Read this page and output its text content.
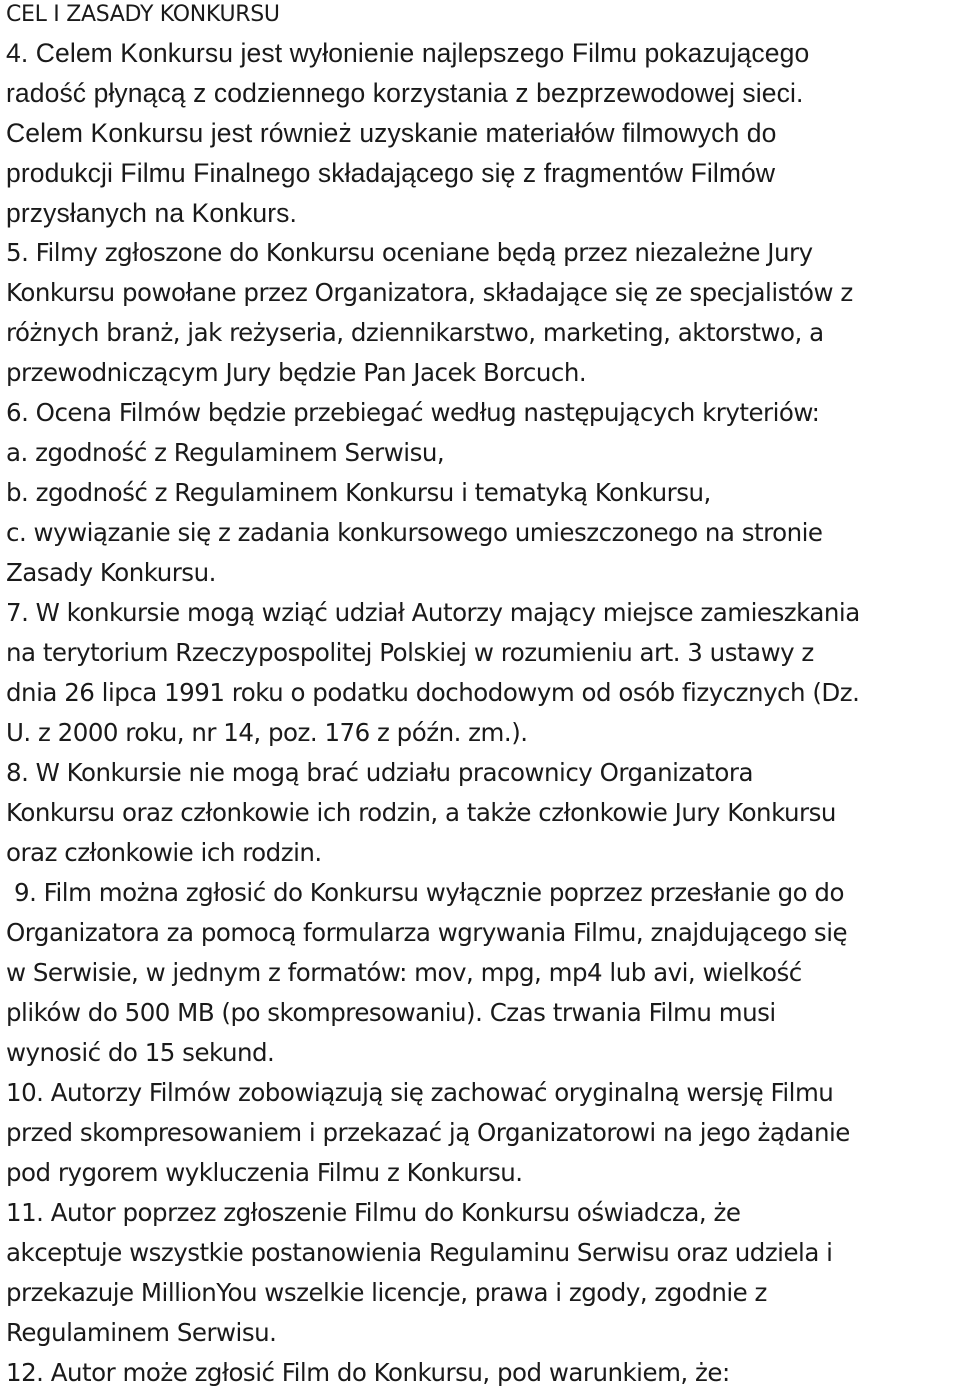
CEL I ZASADY KONKURSU
4. Celem Konkursu jest wyłonienie najlepszego Filmu pokazującego
radość płynącą z codziennego korzystania z bezprzewodowej sieci.
Celem Konkursu jest również uzyskanie materiałów filmowych do
produkcji Filmu Finalnego składającego się z fragmentów Filmów
przysłanych na Konkurs.
5. Filmy zgłoszone do Konkursu oceniane będą przez niezależne Jury
Konkursu powołane przez Organizatora, składające się ze specjalistów z
różnych branż, jak reżyseria, dziennikarstwo, marketing, aktorstwo, a
przewodniczącym Jury będzie Pan Jacek Borcuch.
6. Ocena Filmów będzie przebiegać według następujących kryteriów:
a. zgodność z Regulaminem Serwisu,
b. zgodność z Regulaminem Konkursu i tematyką Konkursu,
c. wywiązanie się z zadania konkursowego umieszczonego na stronie
Zasady Konkursu.
7. W konkursie mogą wziąć udział Autorzy mający miejsce zamieszkania
na terytorium Rzeczypospolitej Polskiej w rozumieniu art. 3 ustawy z
dnia 26 lipca 1991 roku o podatku dochodowym od osób fizycznych (Dz.
U. z 2000 roku, nr 14, poz. 176 z późn. zm.).
8. W Konkursie nie mogą brać udziału pracownicy Organizatora
Konkursu oraz członkowie ich rodzin, a także członkowie Jury Konkursu
oraz członkowie ich rodzin.
9. Film można zgłosić do Konkursu wyłącznie poprzez przesłanie go do
Organizatora za pomocą formularza wgrywania Filmu, znajdującego się
w Serwisie, w jednym z formatów: mov, mpg, mp4 lub avi, wielkość
plików do 500 MB (po skompresowaniu). Czas trwania Filmu musi
wynosić do 15 sekund.
10. Autorzy Filmów zobowiązują się zachować oryginalną wersję Filmu
przed skompresowaniem i przekazać ją Organizatorowi na jego żądanie
pod rygorem wykluczenia Filmu z Konkursu.
11. Autor poprzez zgłoszenie Filmu do Konkursu oświadcza, że
akceptuje wszystkie postanowienia Regulaminu Serwisu oraz udziela i
przekazuje MillionYou wszelkie licencje, prawa i zgody, zgodnie z
Regulaminem Serwisu.
12. Autor może zgłosić Film do Konkursu, pod warunkiem, że:
